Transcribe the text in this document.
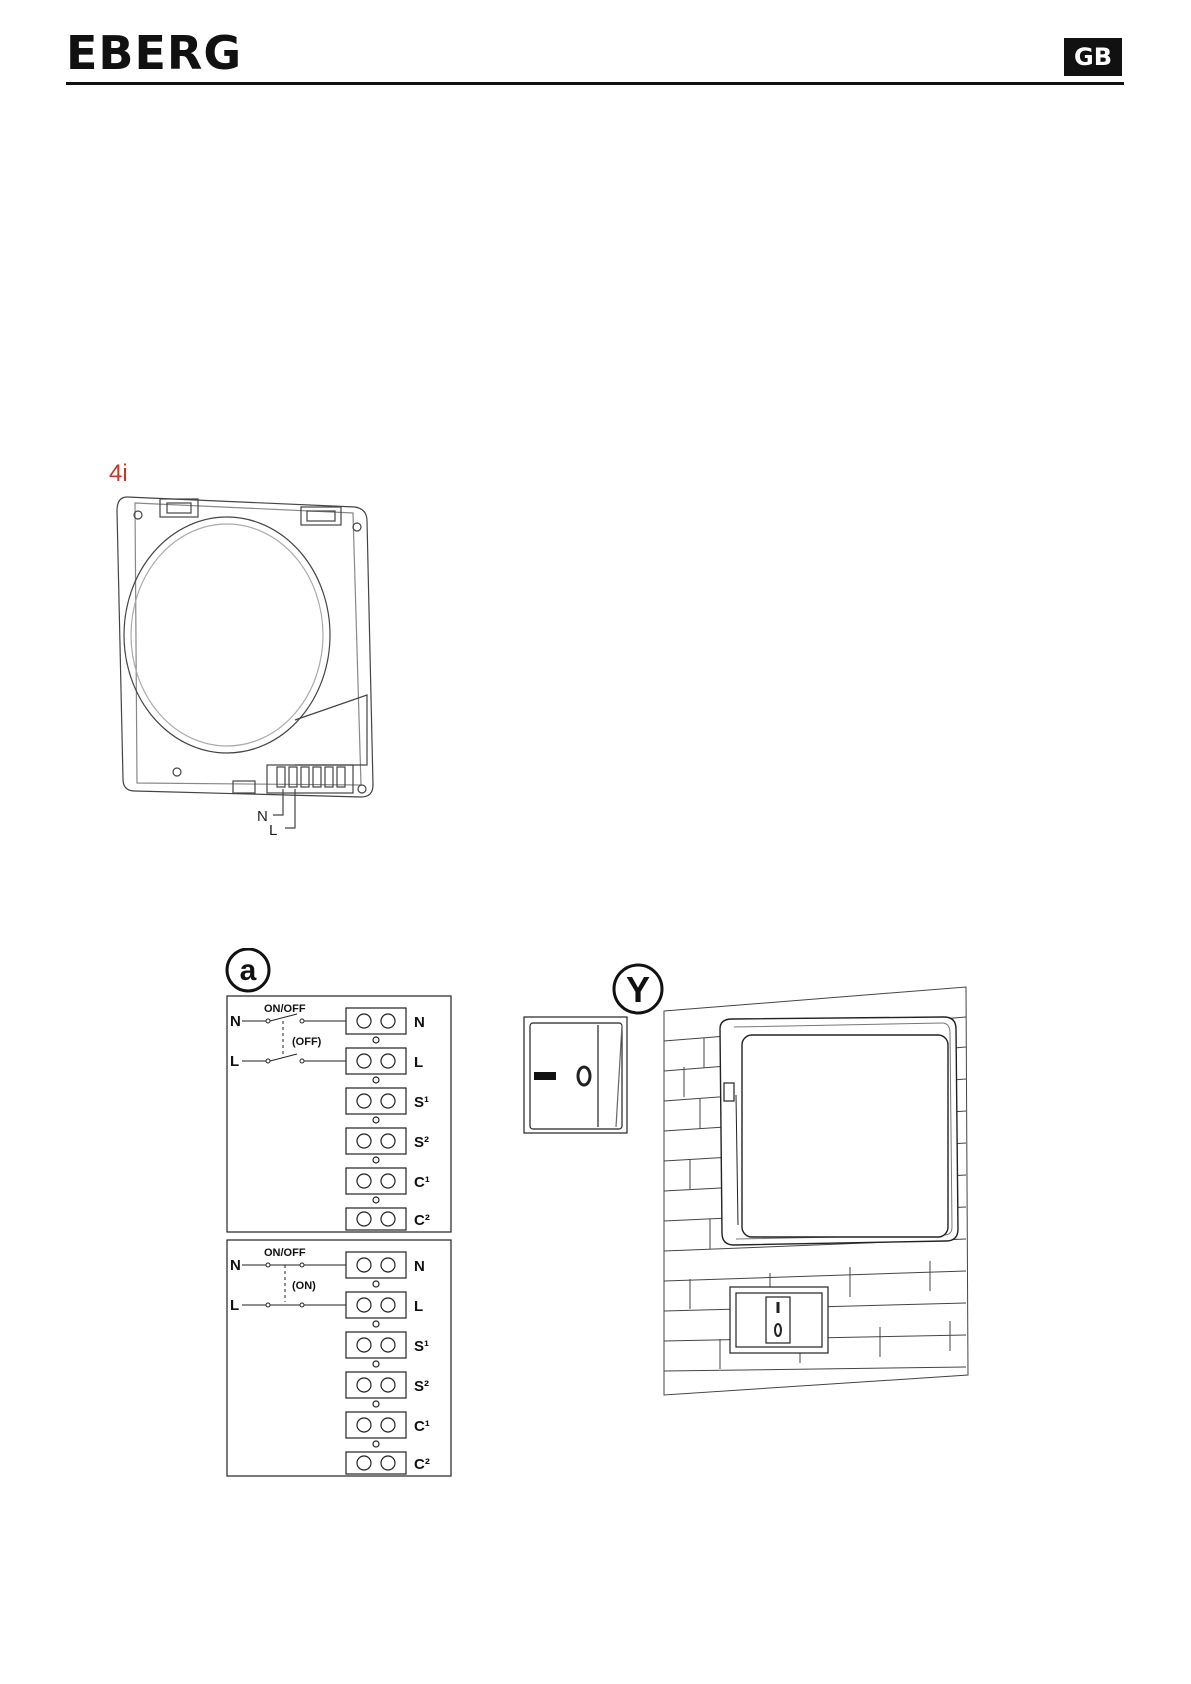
EBERG	GB
4i
N
L
a
N
L
ON/OFF
(OFF)
N
L
S¹
S²
C¹
C²
N
L
ON/OFF
(ON)
N
L
S¹
S²
C¹
C²
Y
